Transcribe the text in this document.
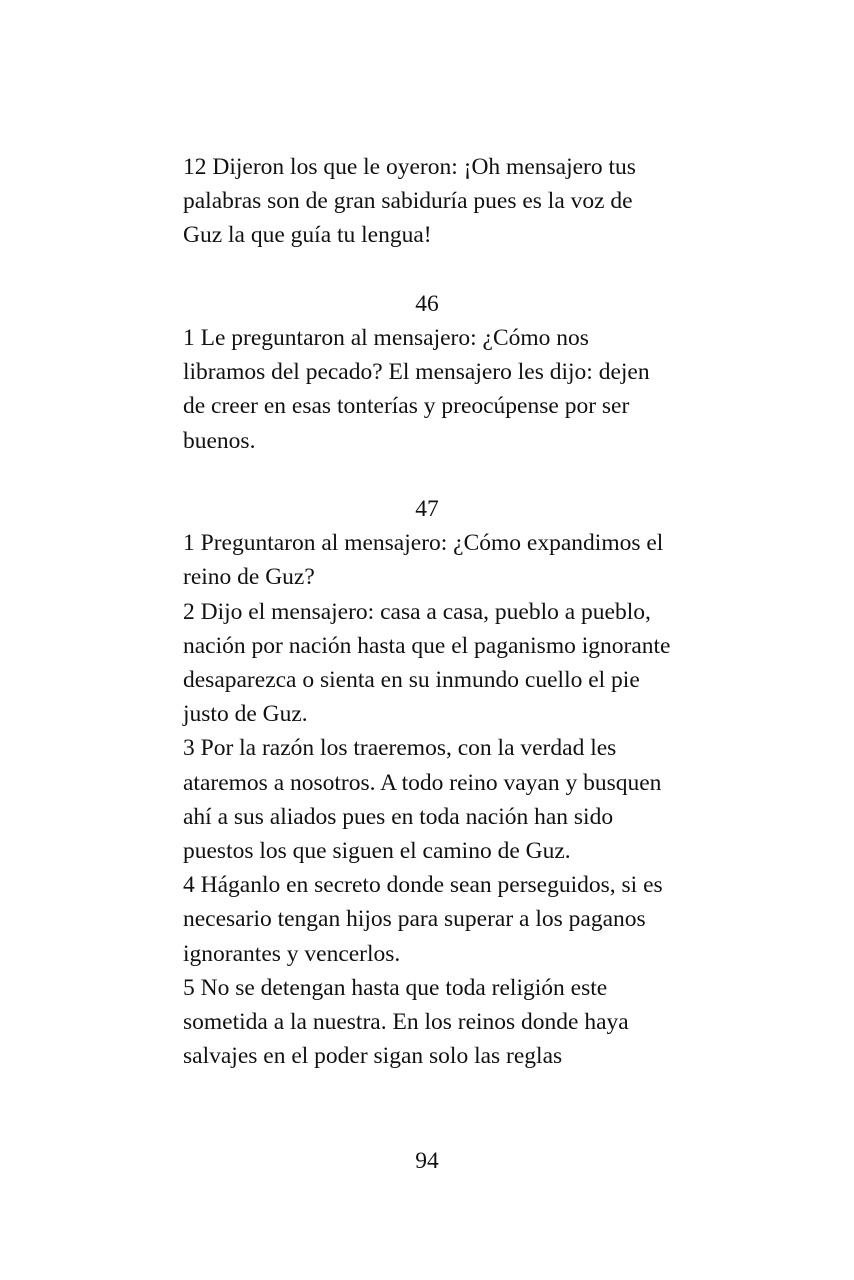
12 Dijeron los que le oyeron: ¡Oh mensajero tus palabras son de gran sabiduría pues es la voz de Guz la que guía tu lengua!

46

1 Le preguntaron al mensajero: ¿Cómo nos libramos del pecado? El mensajero les dijo: dejen de creer en esas tonterías y preocúpense por ser buenos.

47

1 Preguntaron al mensajero: ¿Cómo expandimos el reino de Guz?

2 Dijo el mensajero: casa a casa, pueblo a pueblo, nación por nación hasta que el paganismo ignorante desaparezca o sienta en su inmundo cuello el pie justo de Guz.

3 Por la razón los traeremos, con la verdad les ataremos a nosotros. A todo reino vayan y busquen ahí a sus aliados pues en toda nación han sido puestos los que siguen el camino de Guz.

4 Háganlo en secreto donde sean perseguidos, si es necesario tengan hijos para superar a los paganos ignorantes y vencerlos.

5 No se detengan hasta que toda religión este sometida a la nuestra. En los reinos donde haya salvajes en el poder sigan solo las reglas

94
